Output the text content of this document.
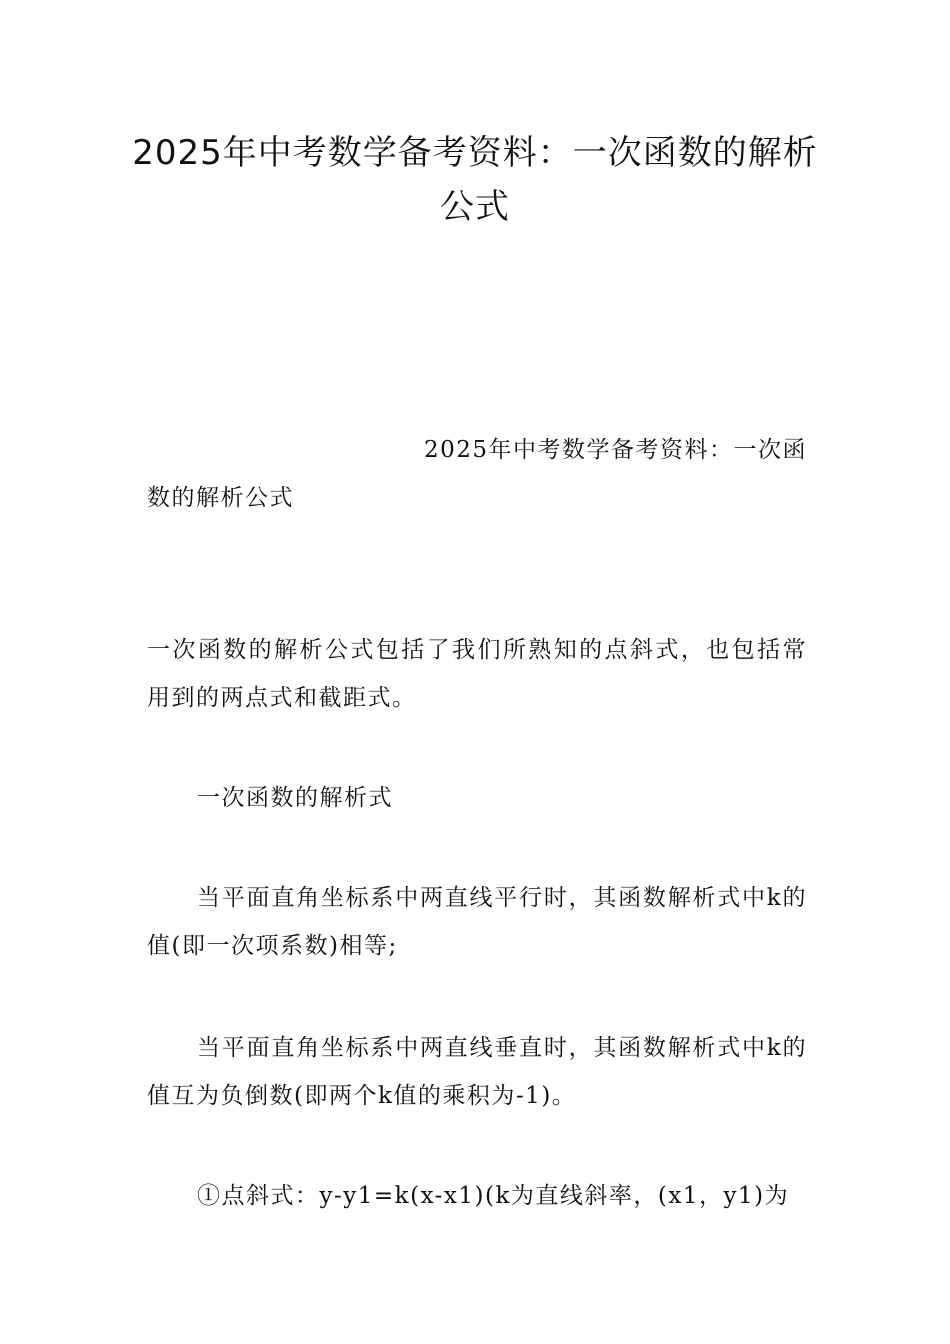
2025年中考数学备考资料：一次函数的解析公式
2025年中考数学备考资料：一次函
数的解析公式

一次函数的解析公式包括了我们所熟知的点斜式，也包括常用到的两点式和截距式。

一次函数的解析式

当平面直角坐标系中两直线平行时，其函数解析式中k的值(即一次项系数)相等;

当平面直角坐标系中两直线垂直时，其函数解析式中k的值互为负倒数(即两个k值的乘积为-1)。

①点斜式：y-y1=k(x-x1)(k为直线斜率，(x1，y1)为
